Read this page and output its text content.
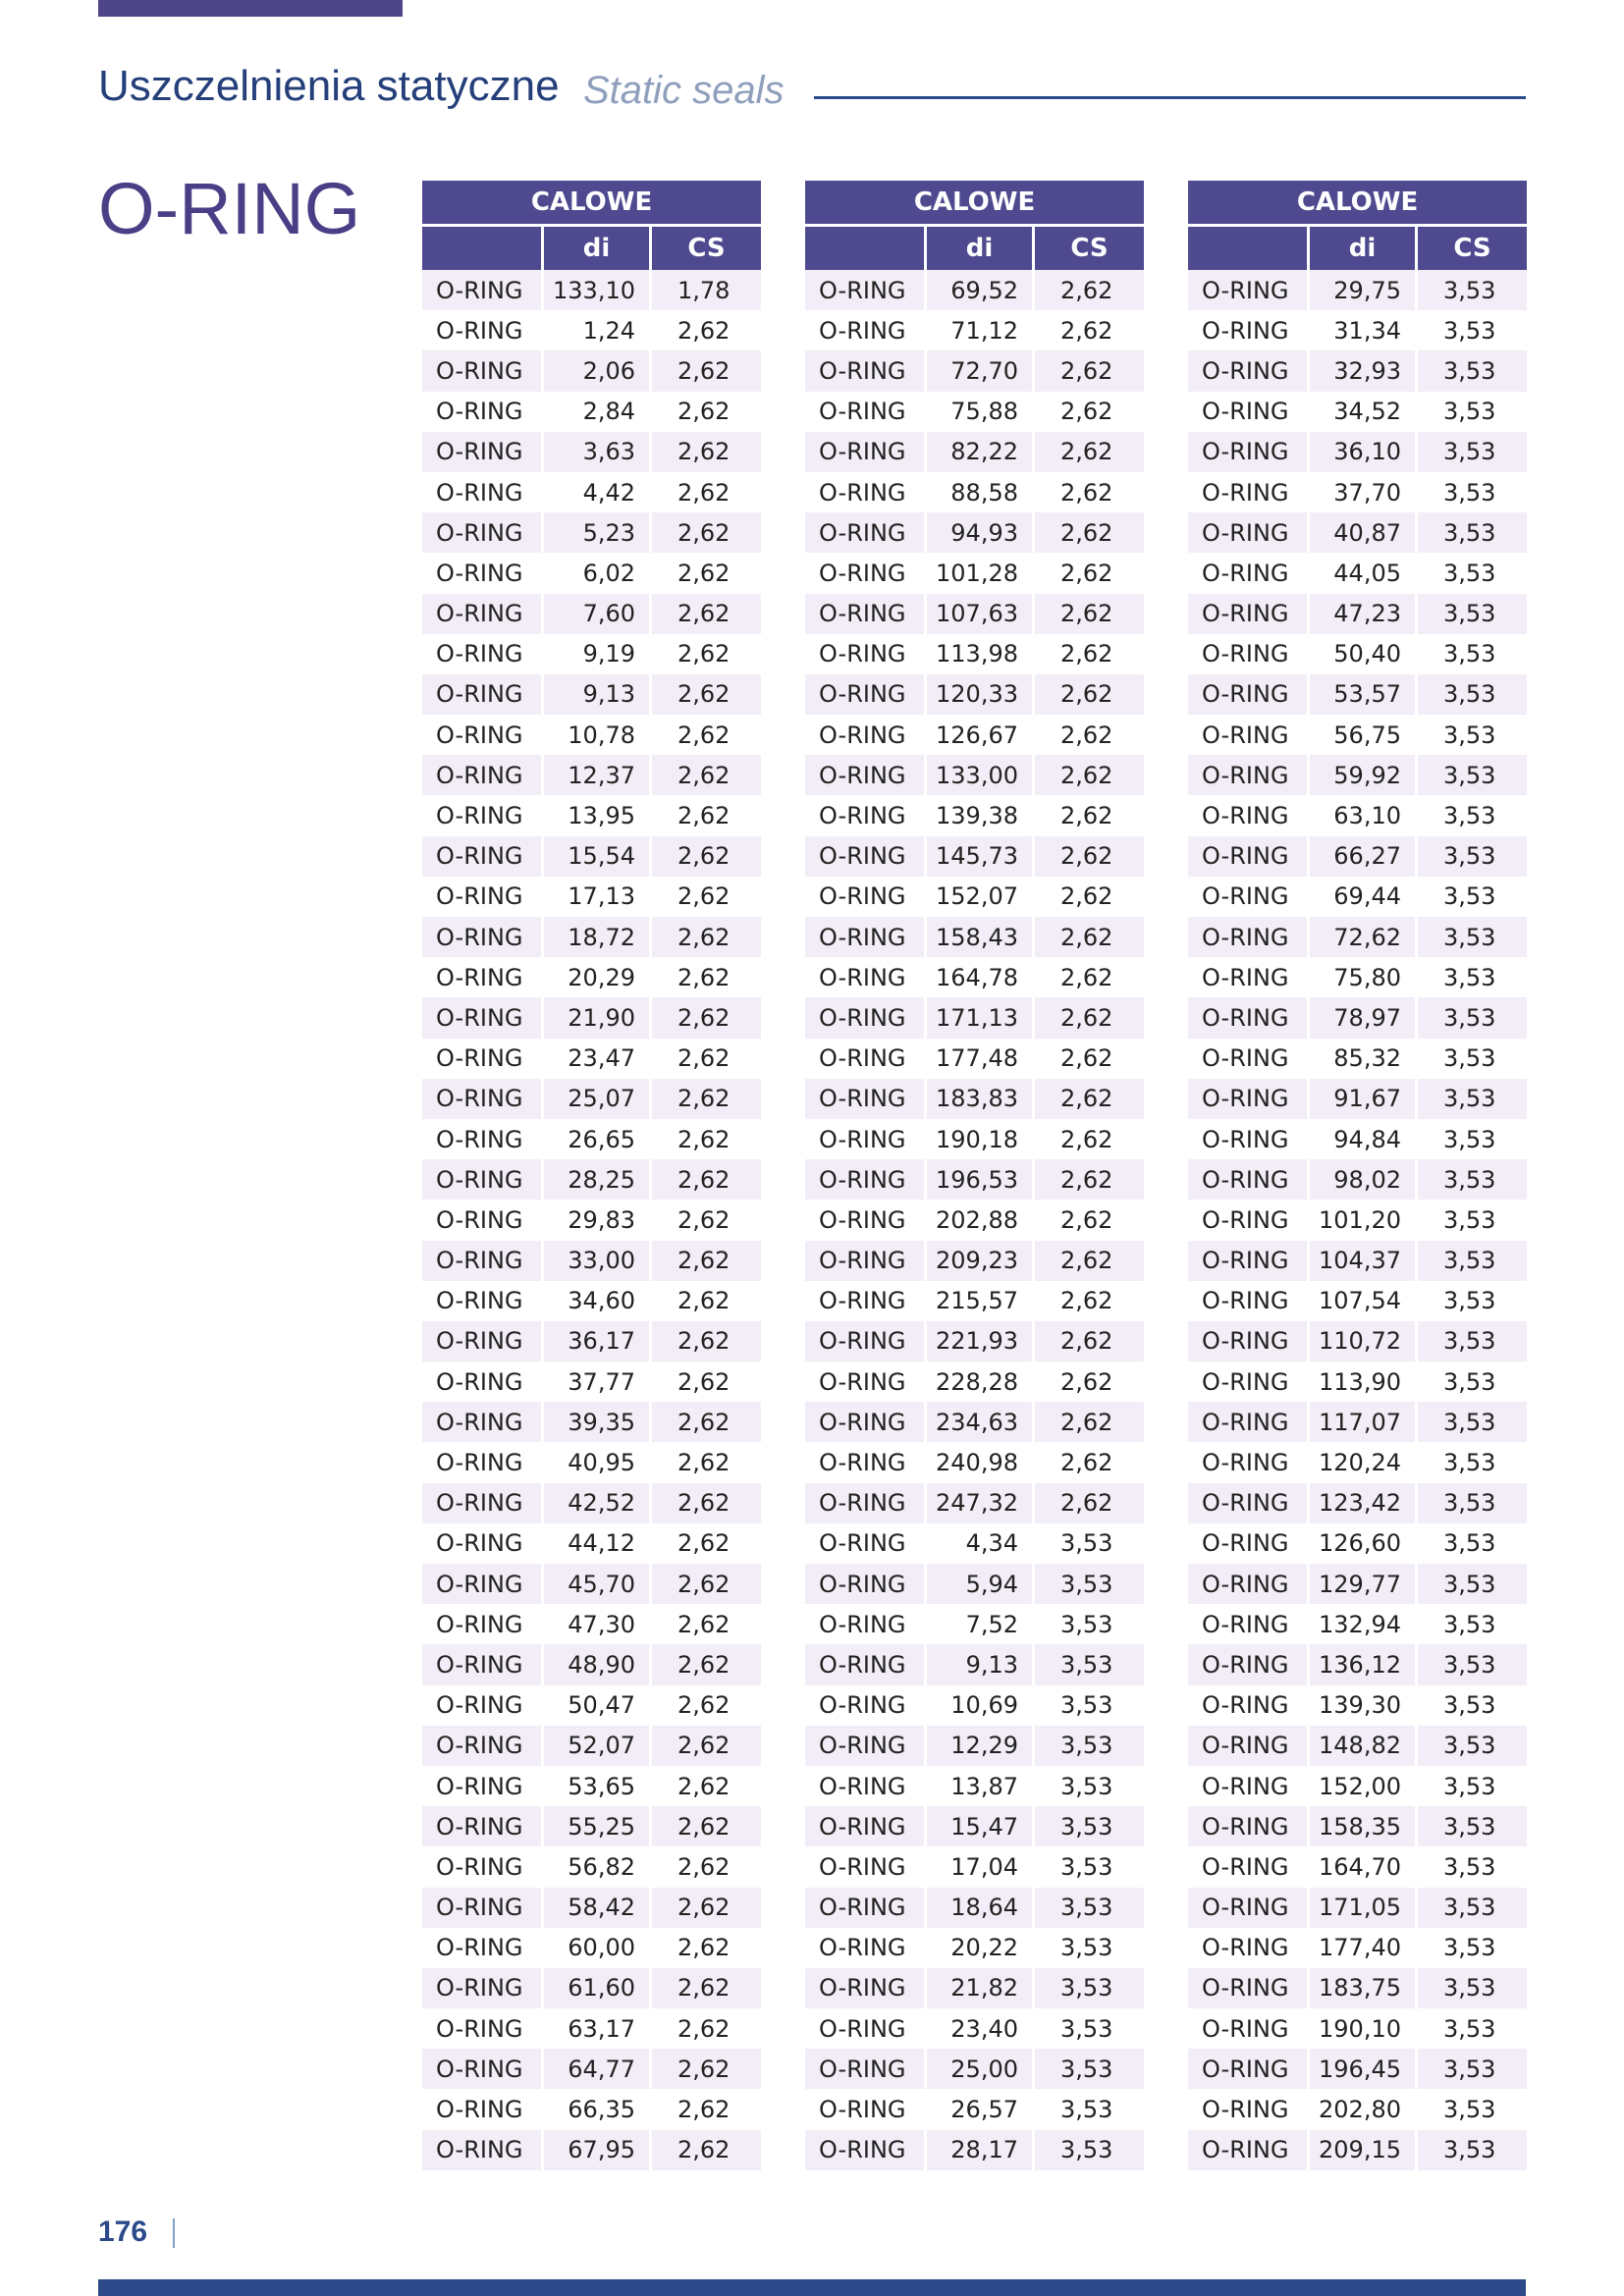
Uszczelnienia statyczne Static seals
O-RING	CALOWE		
	di	CS
O-RING	133,10	1,78
O-RING	1,24	2,62
O-RING	2,06	2,62
O-RING	2,84	2,62
O-RING	3,63	2,62
O-RING	4,42	2,62
O-RING	5,23	2,62
O-RING	6,02	2,62
O-RING	7,60	2,62
O-RING	9,19	2,62
O-RING	9,13	2,62
O-RING	10,78	2,62
O-RING	12,37	2,62
O-RING	13,95	2,62
O-RING	15,54	2,62
O-RING	17,13	2,62
O-RING	18,72	2,62
O-RING	20,29	2,62
O-RING	21,90	2,62
O-RING	23,47	2,62
O-RING	25,07	2,62
O-RING	26,65	2,62
O-RING	28,25	2,62
O-RING	29,83	2,62
O-RING	33,00	2,62
O-RING	34,60	2,62
O-RING	36,17	2,62
O-RING	37,77	2,62
O-RING	39,35	2,62
O-RING	40,95	2,62
O-RING	42,52	2,62
O-RING	44,12	2,62
O-RING	45,70	2,62
O-RING	47,30	2,62
O-RING	48,90	2,62
O-RING	50,47	2,62
O-RING	52,07	2,62
O-RING	53,65	2,62
O-RING	55,25	2,62
O-RING	56,82	2,62
O-RING	58,42	2,62
O-RING	60,00	2,62
O-RING	61,60	2,62
O-RING	63,17	2,62
O-RING	64,77	2,62
O-RING	66,35	2,62
O-RING	67,95	2,62
CALOWE		
	di	CS
O-RING	69,52	2,62
O-RING	71,12	2,62
O-RING	72,70	2,62
O-RING	75,88	2,62
O-RING	82,22	2,62
O-RING	88,58	2,62
O-RING	94,93	2,62
O-RING	101,28	2,62
O-RING	107,63	2,62
O-RING	113,98	2,62
O-RING	120,33	2,62
O-RING	126,67	2,62
O-RING	133,00	2,62
O-RING	139,38	2,62
O-RING	145,73	2,62
O-RING	152,07	2,62
O-RING	158,43	2,62
O-RING	164,78	2,62
O-RING	171,13	2,62
O-RING	177,48	2,62
O-RING	183,83	2,62
O-RING	190,18	2,62
O-RING	196,53	2,62
O-RING	202,88	2,62
O-RING	209,23	2,62
O-RING	215,57	2,62
O-RING	221,93	2,62
O-RING	228,28	2,62
O-RING	234,63	2,62
O-RING	240,98	2,62
O-RING	247,32	2,62
O-RING	4,34	3,53
O-RING	5,94	3,53
O-RING	7,52	3,53
O-RING	9,13	3,53
O-RING	10,69	3,53
O-RING	12,29	3,53
O-RING	13,87	3,53
O-RING	15,47	3,53
O-RING	17,04	3,53
O-RING	18,64	3,53
O-RING	20,22	3,53
O-RING	21,82	3,53
O-RING	23,40	3,53
O-RING	25,00	3,53
O-RING	26,57	3,53
O-RING	28,17	3,53
CALOWE		
	di	CS
O-RING	29,75	3,53
O-RING	31,34	3,53
O-RING	32,93	3,53
O-RING	34,52	3,53
O-RING	36,10	3,53
O-RING	37,70	3,53
O-RING	40,87	3,53
O-RING	44,05	3,53
O-RING	47,23	3,53
O-RING	50,40	3,53
O-RING	53,57	3,53
O-RING	56,75	3,53
O-RING	59,92	3,53
O-RING	63,10	3,53
O-RING	66,27	3,53
O-RING	69,44	3,53
O-RING	72,62	3,53
O-RING	75,80	3,53
O-RING	78,97	3,53
O-RING	85,32	3,53
O-RING	91,67	3,53
O-RING	94,84	3,53
O-RING	98,02	3,53
O-RING	101,20	3,53
O-RING	104,37	3,53
O-RING	107,54	3,53
O-RING	110,72	3,53
O-RING	113,90	3,53
O-RING	117,07	3,53
O-RING	120,24	3,53
O-RING	123,42	3,53
O-RING	126,60	3,53
O-RING	129,77	3,53
O-RING	132,94	3,53
O-RING	136,12	3,53
O-RING	139,30	3,53
O-RING	148,82	3,53
O-RING	152,00	3,53
O-RING	158,35	3,53
O-RING	164,70	3,53
O-RING	171,05	3,53
O-RING	177,40	3,53
O-RING	183,75	3,53
O-RING	190,10	3,53
O-RING	196,45	3,53
O-RING	202,80	3,53
O-RING	209,15	3,53
176
